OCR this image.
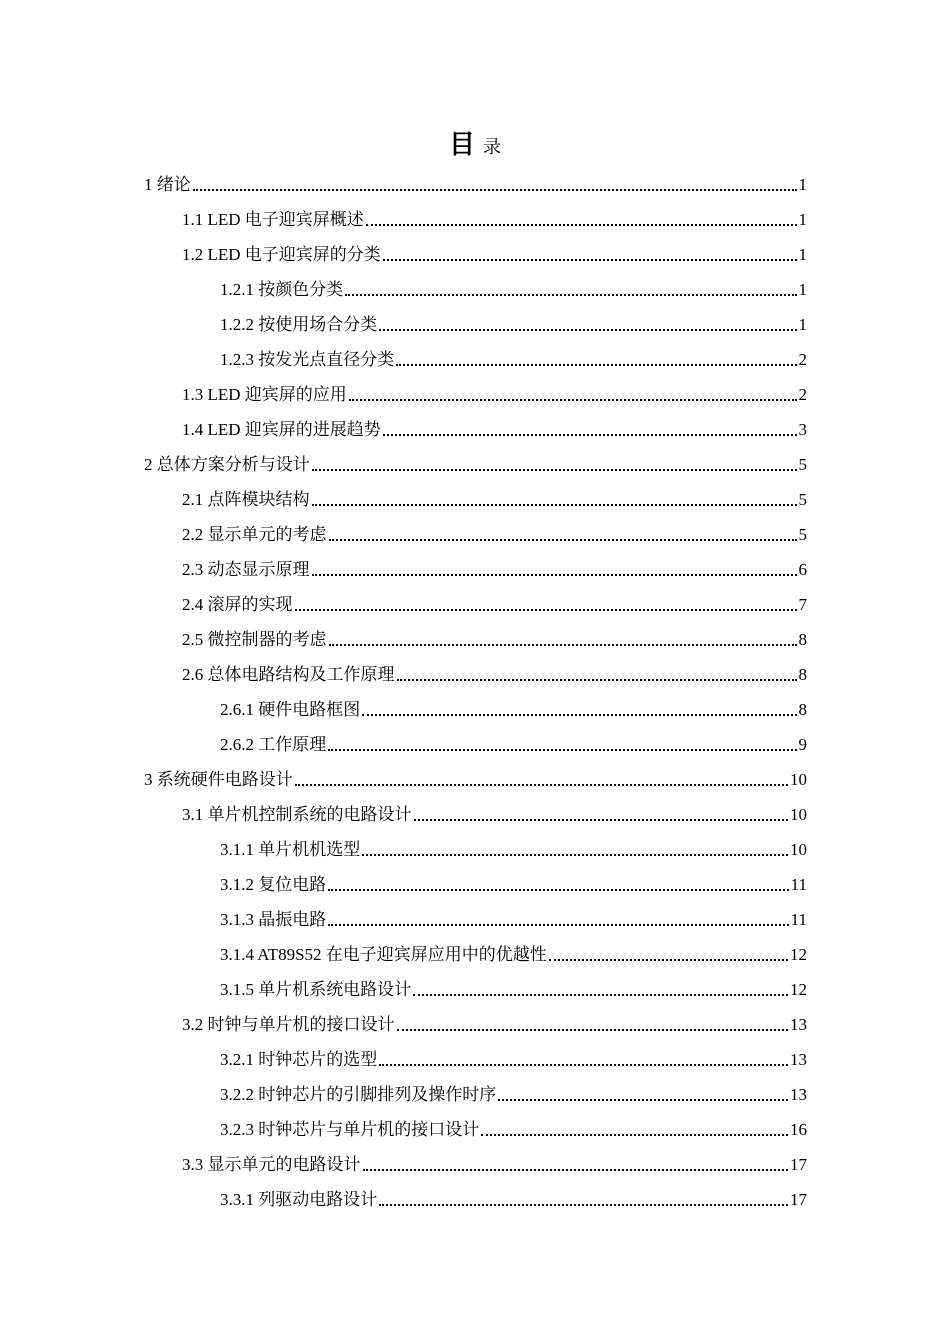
目 录
1 绪论	1
1.1 LED 电子迎宾屏概述	1
1.2 LED 电子迎宾屏的分类	1
1.2.1 按颜色分类	1
1.2.2 按使用场合分类	1
1.2.3 按发光点直径分类	2
1.3 LED 迎宾屏的应用	2
1.4 LED 迎宾屏的进展趋势	3
2 总体方案分析与设计	5
2.1 点阵模块结构	5
2.2 显示单元的考虑	5
2.3 动态显示原理	6
2.4 滚屏的实现	7
2.5 微控制器的考虑	8
2.6 总体电路结构及工作原理	8
2.6.1 硬件电路框图	8
2.6.2 工作原理	9
3 系统硬件电路设计	10
3.1 单片机控制系统的电路设计	10
3.1.1 单片机机选型	10
3.1.2 复位电路	11
3.1.3 晶振电路	11
3.1.4 AT89S52 在电子迎宾屏应用中的优越性	12
3.1.5 单片机系统电路设计	12
3.2 时钟与单片机的接口设计	13
3.2.1 时钟芯片的选型	13
3.2.2 时钟芯片的引脚排列及操作时序	13
3.2.3 时钟芯片与单片机的接口设计	16
3.3 显示单元的电路设计	17
3.3.1 列驱动电路设计	17
